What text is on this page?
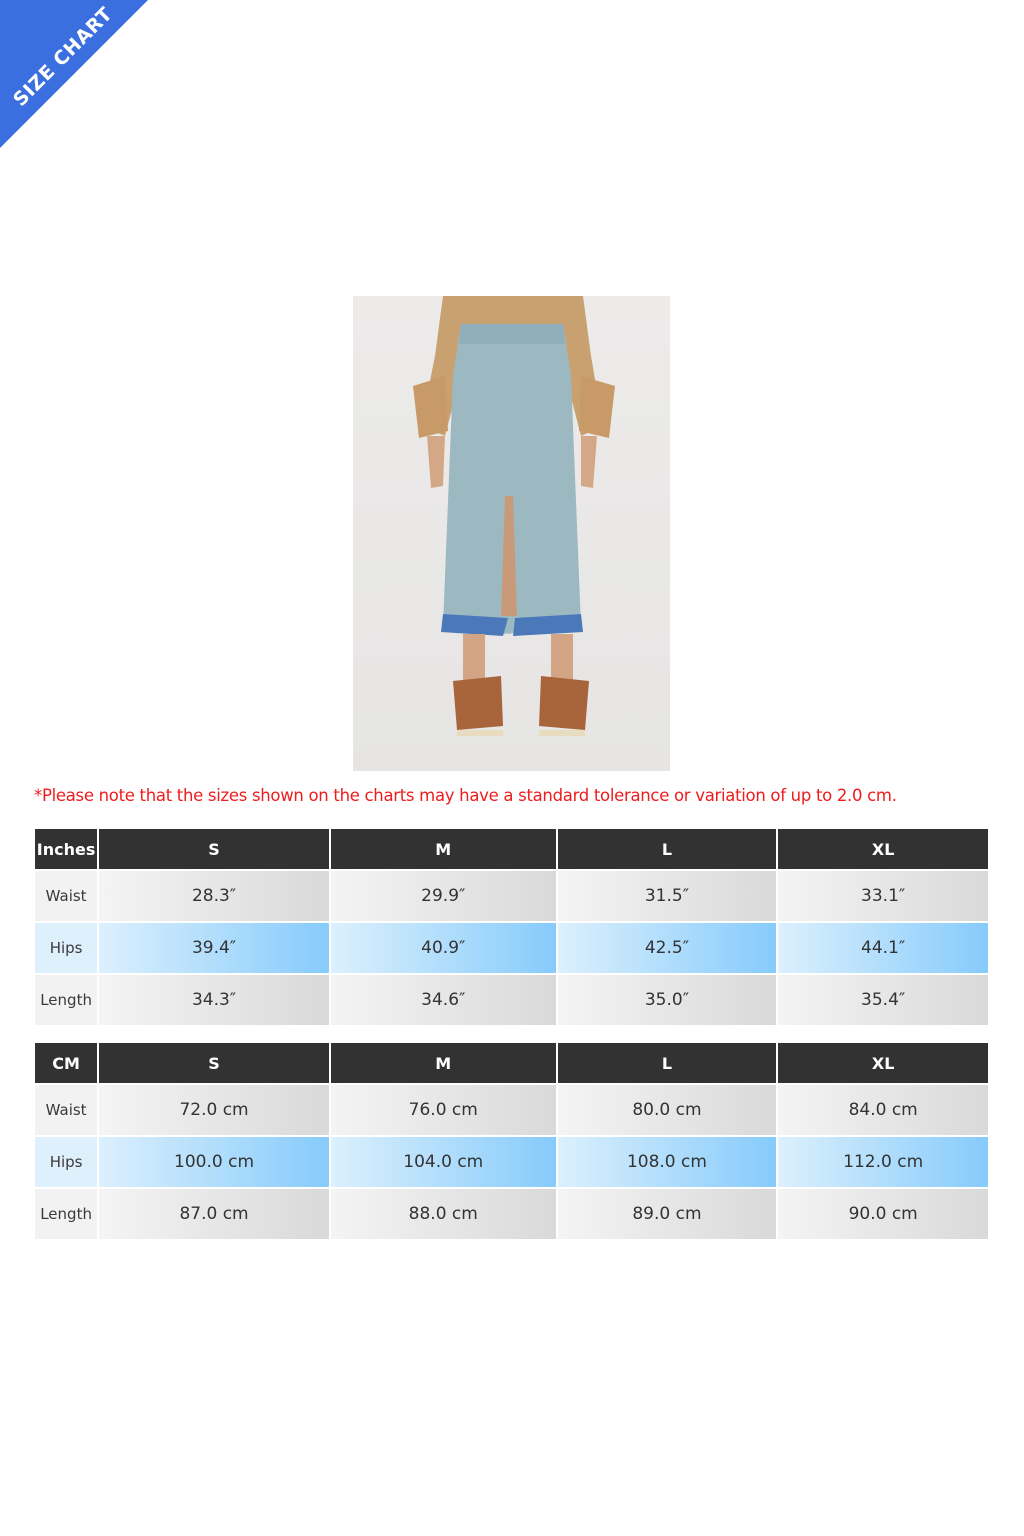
SIZE CHART
*Please note that the sizes shown on the charts may have a standard tolerance or variation of up to 2.0 cm.
Inches	S	M	L	XL
Waist	28.3″	29.9″	31.5″	33.1″
Hips	39.4″	40.9″	42.5″	44.1″
Length	34.3″	34.6″	35.0″	35.4″
CM	S	M	L	XL
Waist	72.0 cm	76.0 cm	80.0 cm	84.0 cm
Hips	100.0 cm	104.0 cm	108.0 cm	112.0 cm
Length	87.0 cm	88.0 cm	89.0 cm	90.0 cm
